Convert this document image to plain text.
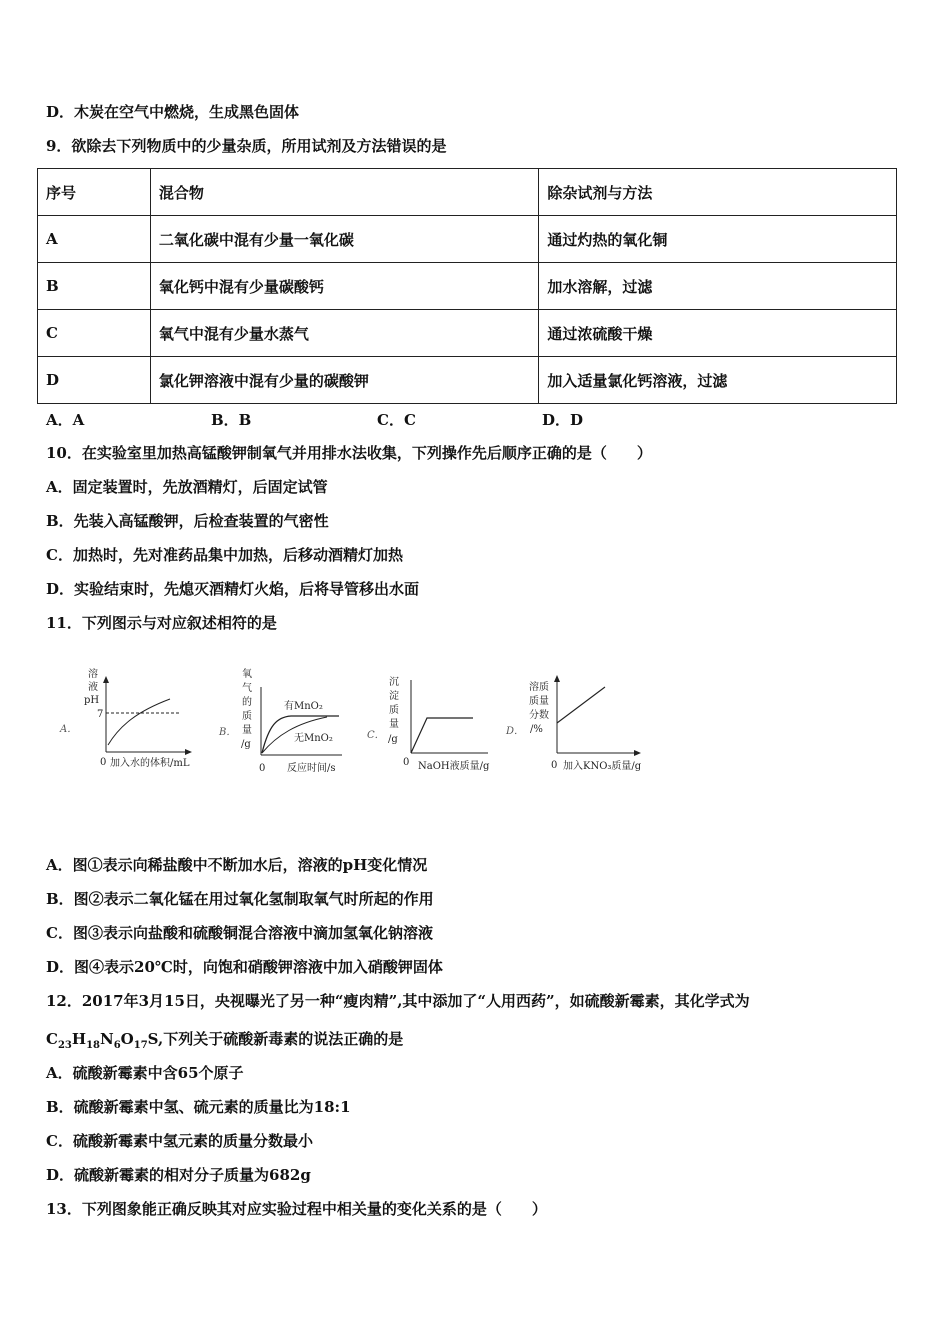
D．木炭在空气中燃烧，生成黑色固体
9．欲除去下列物质中的少量杂质，所用试剂及方法错误的是
序号	混合物	除杂试剂与方法
A	二氧化碳中混有少量一氧化碳	通过灼热的氧化铜
B	氧化钙中混有少量碳酸钙	加水溶解，过滤
C	氧气中混有少量水蒸气	通过浓硫酸干燥
D	氯化钾溶液中混有少量的碳酸钾	加入适量氯化钙溶液，过滤
A．A	B．B	C．C	D．D
10．在实验室里加热高锰酸钾制氧气并用排水法收集，下列操作先后顺序正确的是（　　）
A．固定装置时，先放酒精灯，后固定试管
B．先装入高锰酸钾，后检查装置的气密性
C．加热时，先对准药品集中加热，后移动酒精灯加热
D．实验结束时，先熄灭酒精灯火焰，后将导管移出水面
11．下列图示与对应叙述相符的是
A．
溶
液
pH
7
0 加入水的体积/mL
B．
氧
气
的
质
量
/g
0 反应时间/s
有MnO₂
无MnO₂	C．
沉
淀
质
量
/g
0 NaOH液质量/g
D．
溶质
质量
分数
/%
0 加入KNO₃质量/g
A．图①表示向稀盐酸中不断加水后，溶液的pH变化情况
B．图②表示二氧化锰在用过氧化氢制取氧气时所起的作用
C．图③表示向盐酸和硫酸铜混合溶液中滴加氢氧化钠溶液
D．图④表示20℃时，向饱和硝酸钾溶液中加入硝酸钾固体
12．2017年3月15日，央视曝光了另一种“瘦肉精”,其中添加了“人用西药”，如硫酸新霉素，其化学式为
$C_{23}H_{18}N_6O_{17}S$,下列关于硫酸新毒素的说法正确的是
A．硫酸新霉素中含65个原子
B．硫酸新霉素中氢、硫元素的质量比为18:1
C．硫酸新霉素中氢元素的质量分数最小
D．硫酸新霉素的相对分子质量为682g
13．下列图象能正确反映其对应实验过程中相关量的变化关系的是（　　）
